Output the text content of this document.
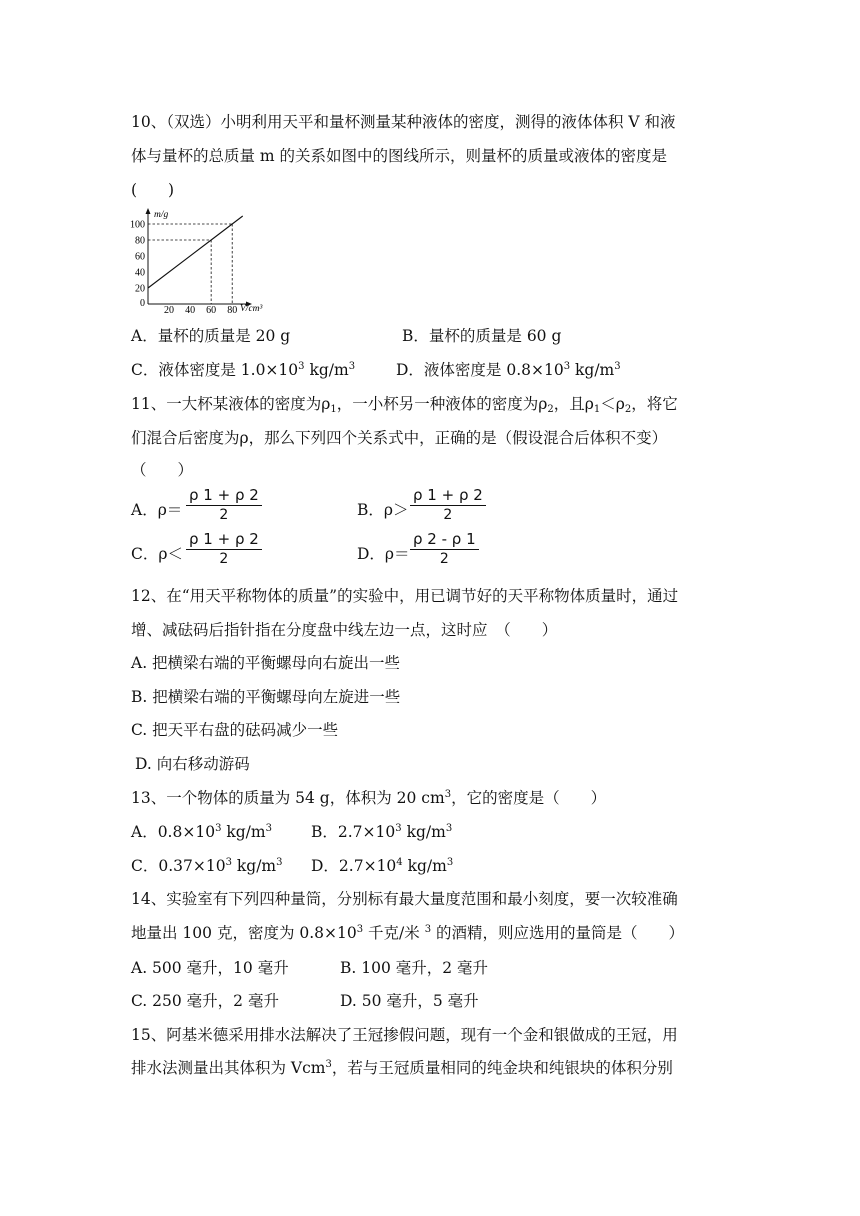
10、（双选）小明利用天平和量杯测量某种液体的密度，测得的液体体积 V 和液
体与量杯的总质量 m 的关系如图中的图线所示，则量杯的质量或液体的密度是
(　　)
m/g
V/cm³
0
20
40
60
80
100
20 40 60 80
A．量杯的质量是 20 g	B．量杯的质量是 60 g
C．液体密度是 $1.0\times 10^3$ $kg/m^3$	D．液体密度是 $0.8\times 10^3$ $kg/m^3$
11、一大杯某液体的密度为$\rho_1$，一小杯另一种液体的密度为$\rho_2$，且$\rho_1<\rho_2$，将它
们混合后密度为ρ，那么下列四个关系式中，正确的是（假设混合后体积不变）
（　　）
A．$\rho= \frac{\rho 1 + \rho 2}{2}$	B．$\rho> \frac{\rho 1 + \rho 2}{2}$
C．$\rho< \frac{\rho 1 + \rho 2}{2}$	D．$\rho= \frac{\rho 2 - \rho 1}{2}$
12、在“用天平称物体的质量”的实验中，用已调节好的天平称物体质量时，通过
增、减砝码后指针指在分度盘中线左边一点，这时应　（　　）
A. 把横梁右端的平衡螺母向右旋出一些
B. 把横梁右端的平衡螺母向左旋进一些
C. 把天平右盘的砝码减少一些
D. 向右移动游码
13、一个物体的质量为 54 g，体积为 20 $cm^3$，它的密度是（　　）
A．$0.8\times 10^3$ $kg/m^3$	B．$2.7\times 10^3$ $kg/m^3$
C．$0.37\times 10^3$ $kg/m^3$ D．$2.7\times 10^4$ $kg/m^3$
14、实验室有下列四种量筒，分别标有最大量度范围和最小刻度，要一次较准确
地量出 100 克，密度为 $0.8\times 10^3$ 千克/米 $^3$ 的酒精，则应选用的量筒是（　　）
A. 500 毫升，10 毫升	B. 100 毫升，2 毫升
C. 250 毫升，2 毫升	D. 50 毫升，5 毫升
15、阿基米德采用排水法解决了王冠掺假问题，现有一个金和银做成的王冠，用
排水法测量出其体积为 Vcm$^3$，若与王冠质量相同的纯金块和纯银块的体积分别
